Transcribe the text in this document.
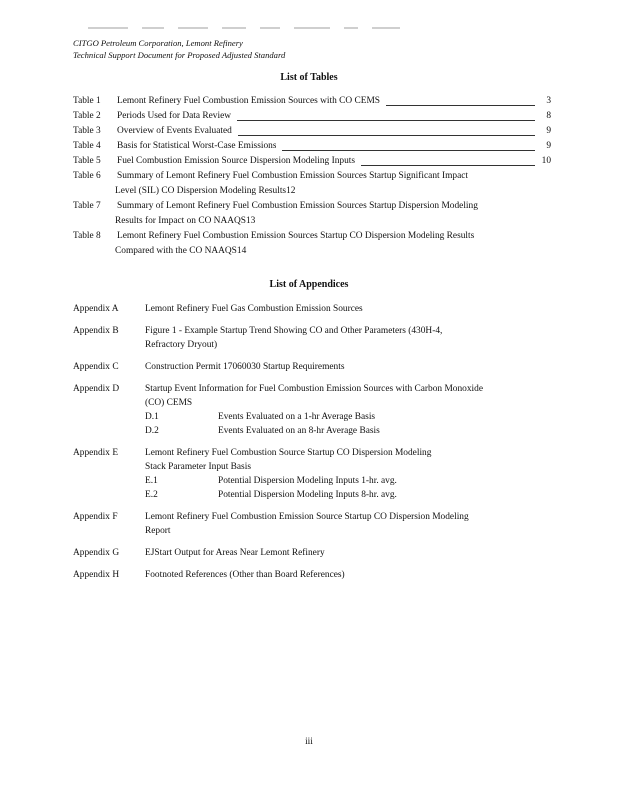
CITGO Petroleum Corporation, Lemont Refinery
Technical Support Document for Proposed Adjusted Standard
List of Tables
Table 1	Lemont Refinery Fuel Combustion Emission Sources with CO CEMS	3
Table 2	Periods Used for Data Review	8
Table 3	Overview of Events Evaluated	9
Table 4	Basis for Statistical Worst-Case Emissions	9
Table 5	Fuel Combustion Emission Source Dispersion Modeling Inputs	10
Table 6	Summary of Lemont Refinery Fuel Combustion Emission Sources Startup Significant Impact
Level (SIL) CO Dispersion Modeling Results 12
Table 7	Summary of Lemont Refinery Fuel Combustion Emission Sources Startup Dispersion Modeling
Results for Impact on CO NAAQS 13
Table 8	Lemont Refinery Fuel Combustion Emission Sources Startup CO Dispersion Modeling Results
Compared with the CO NAAQS 14
List of Appendices
Appendix A	Lemont Refinery Fuel Gas Combustion Emission Sources
Appendix B	Figure 1 - Example Startup Trend Showing CO and Other Parameters (430H-4,
Refractory Dryout)
Appendix C	Construction Permit 17060030 Startup Requirements
Appendix D	Startup Event Information for Fuel Combustion Emission Sources with Carbon Monoxide
(CO) CEMS
D.1	Events Evaluated on a 1-hr Average Basis
D.2	Events Evaluated on an 8-hr Average Basis
Appendix E	Lemont Refinery Fuel Combustion Source Startup CO Dispersion Modeling
Stack Parameter Input Basis
E.1	Potential Dispersion Modeling Inputs 1-hr. avg.
E.2	Potential Dispersion Modeling Inputs 8-hr. avg.
Appendix F	Lemont Refinery Fuel Combustion Emission Source Startup CO Dispersion Modeling
Report
Appendix G	EJStart Output for Areas Near Lemont Refinery
Appendix H	Footnoted References (Other than Board References)
iii
